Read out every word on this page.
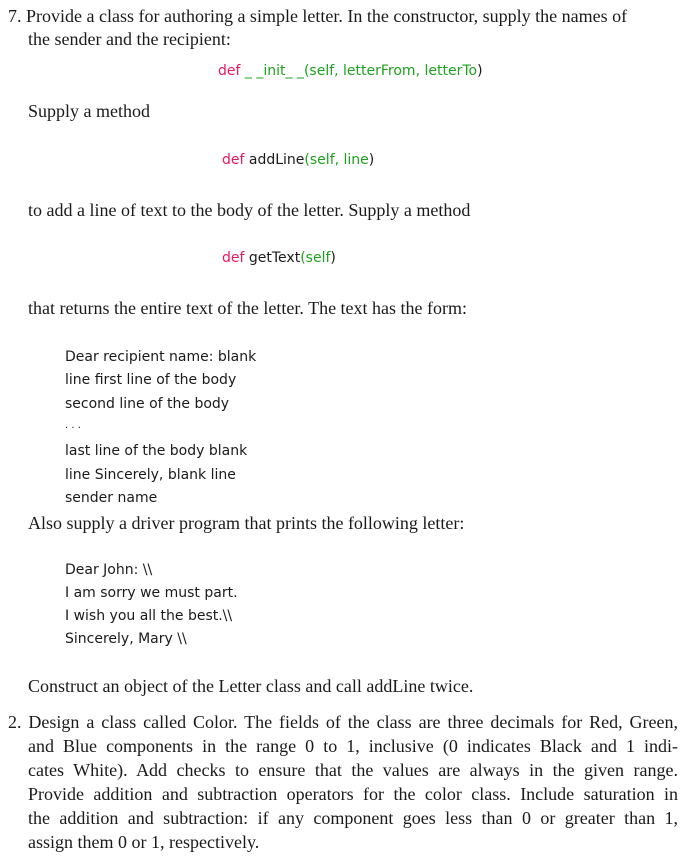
7. Provide a class for authoring a simple letter. In the constructor, supply the names of
the sender and the recipient:
def _ _init_ _(self, letterFrom, letterTo)
Supply a method
def addLine(self, line)
to add a line of text to the body of the letter. Supply a method
def getText(self)
that returns the entire text of the letter. The text has the form:
Dear recipient name: blank
line first line of the body
second line of the body
. . .
last line of the body blank
line Sincerely, blank line
sender name
Also supply a driver program that prints the following letter:
Dear John: \\
I am sorry we must part.
I wish you all the best.\\
Sincerely, Mary \\
Construct an object of the Letter class and call addLine twice.
2. Design a class called Color. The fields of the class are three decimals for Red, Green,
and Blue components in the range 0 to 1, inclusive (0 indicates Black and 1 indi-
cates White). Add checks to ensure that the values are always in the given range.
Provide addition and subtraction operators for the color class. Include saturation in
the addition and subtraction: if any component goes less than 0 or greater than 1,
assign them 0 or 1, respectively.
